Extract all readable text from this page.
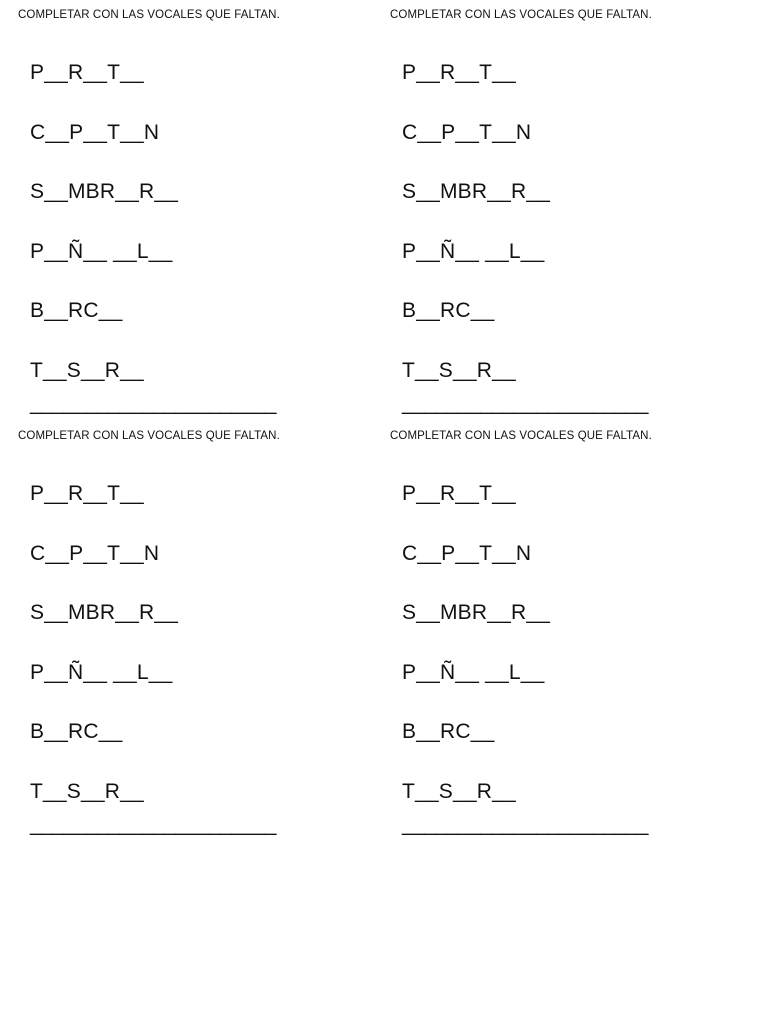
COMPLETAR CON LAS VOCALES QUE FALTAN.
P__R__T__
C__P__T__N
S__MBR__R__
P__Ñ__ __L__
B__RC__
T__S__R__
______________________
COMPLETAR CON LAS VOCALES QUE FALTAN.
P__R__T__
C__P__T__N
S__MBR__R__
P__Ñ__ __L__
B__RC__
T__S__R__
______________________
COMPLETAR CON LAS VOCALES QUE FALTAN.
P__R__T__
C__P__T__N
S__MBR__R__
P__Ñ__ __L__
B__RC__
T__S__R__
______________________
COMPLETAR CON LAS VOCALES QUE FALTAN.
P__R__T__
C__P__T__N
S__MBR__R__
P__Ñ__ __L__
B__RC__
T__S__R__
______________________
